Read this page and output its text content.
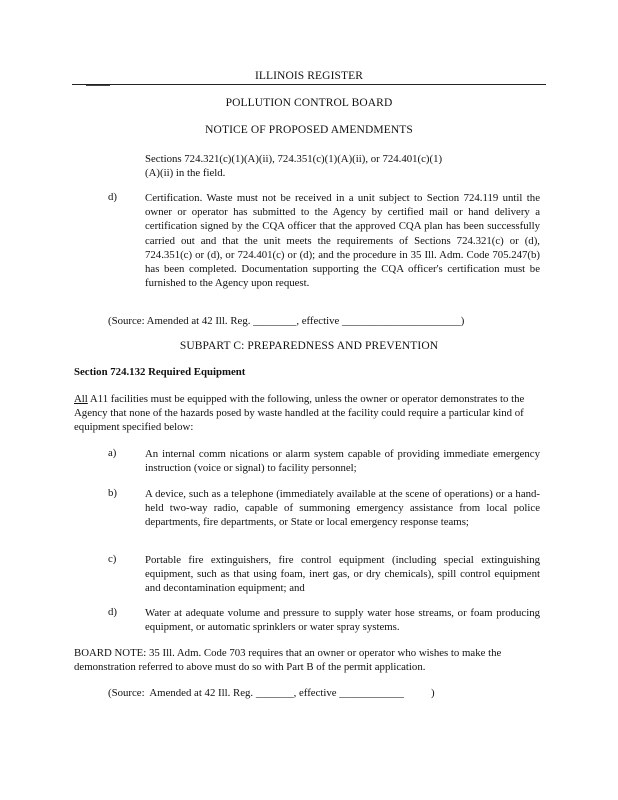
ILLINOIS REGISTER
POLLUTION CONTROL BOARD
NOTICE OF PROPOSED AMENDMENTS
Sections 724.321(c)(1)(A)(ii), 724.351(c)(1)(A)(ii), or 724.401(c)(1)(A)(ii) in the field.
d)	Certification. Waste must not be received in a unit subject to Section 724.119 until the owner or operator has submitted to the Agency by certified mail or hand delivery a certification signed by the CQA officer that the approved CQA plan has been successfully carried out and that the unit meets the requirements of Sections 724.321(c) or (d), 724.351(c) or (d), or 724.401(c) or (d); and the procedure in 35 Ill. Adm. Code 705.247(b) has been completed. Documentation supporting the CQA officer's certification must be furnished to the Agency upon request.
(Source: Amended at 42 Ill. Reg. ________, effective ______________________)
SUBPART C: PREPAREDNESS AND PREVENTION
Section 724.132 Required Equipment
All A11 facilities must be equipped with the following, unless the owner or operator demonstrates to the Agency that none of the hazards posed by waste handled at the facility could require a particular kind of equipment specified below:
a)	An internal comm nications or alarm system capable of providing immediate emergency instruction (voice or signal) to facility personnel;
b)	A device, such as a telephone (immediately available at the scene of operations) or a hand-held two-way radio, capable of summoning emergency assistance from local police departments, fire departments, or State or local emergency response teams;
c)	Portable fire extinguishers, fire control equipment (including special extinguishing equipment, such as that using foam, inert gas, or dry chemicals), spill control equipment and decontamination equipment; and
d)	Water at adequate volume and pressure to supply water hose streams, or foam producing equipment, or automatic sprinklers or water spray systems.
BOARD NOTE: 35 Ill. Adm. Code 703 requires that an owner or operator who wishes to make the demonstration referred to above must do so with Part B of the permit application.
(Source:  Amended at 42 Ill. Reg. _______, effective ____________          )
